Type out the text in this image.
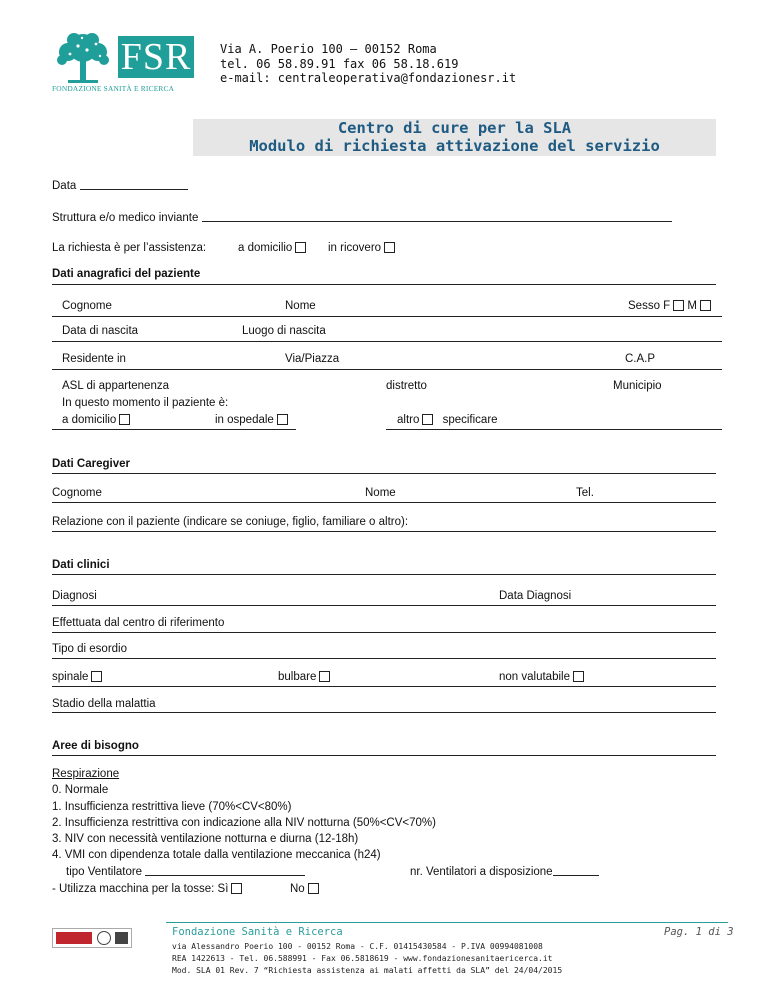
FSR
FONDAZIONE SANITÀ E RICERCA
Via A. Poerio 100 – 00152 Roma
tel. 06 58.89.91 fax 06 58.18.619
e-mail: centraleoperativa@fondazionesr.it
Centro di cure per la SLA
Modulo di richiesta attivazione del servizio
Data
Struttura e/o medico inviante
La richiesta è per l’assistenza:	a domicilio	in ricovero
Dati anagrafici del paziente
Cognome	Nome	Sesso F M
Data di nascita	Luogo di nascita
Residente in	Via/Piazza	C.A.P
ASL di appartenenza	distretto	Municipio
In questo momento il paziente è:
a domicilio	in ospedale	altro specificare
Dati Caregiver
Cognome	Nome	Tel.
Relazione con il paziente (indicare se coniuge, figlio, familiare o altro):
Dati clinici
Diagnosi	Data Diagnosi
Effettuata dal centro di riferimento
Tipo di esordio
spinale	bulbare	non valutabile
Stadio della malattia
Aree di bisogno
Respirazione
0. Normale
1. Insufficienza restrittiva lieve (70%<CV<80%)
2. Insufficienza restrittiva con indicazione alla NIV notturna (50%<CV<70%)
3. NIV con necessità ventilazione notturna e diurna (12-18h)
4. VMI con dipendenza totale dalla ventilazione meccanica (h24)
tipo Ventilatore	nr. Ventilatori a disposizione
- Utilizza macchina per la tosse: Sì	No
Fondazione Sanità e Ricerca	Pag. 1 di 3
via Alessandro Poerio 100 - 00152 Roma - C.F. 01415430584 - P.IVA 00994081008
REA 1422613 - Tel. 06.588991 - Fax 06.5818619 - www.fondazionesanitaericerca.it
Mod. SLA 01 Rev. 7 “Richiesta assistenza ai malati affetti da SLA” del 24/04/2015
